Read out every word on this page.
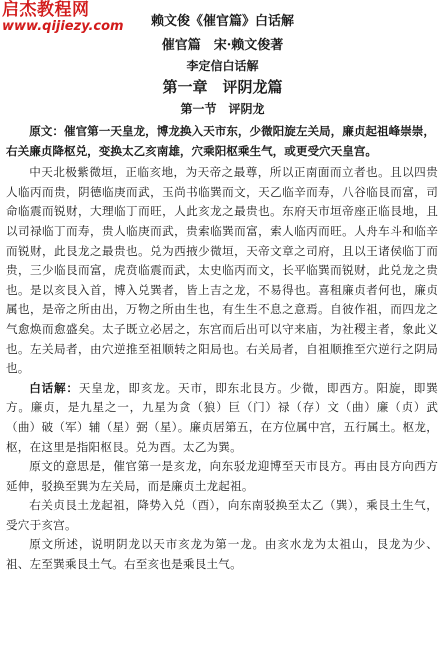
启杰教程网
www.qijiezy.com	赖文俊《催官篇》白话解
催官篇　宋·赖文俊著
李定信白话解
第一章　评阴龙篇
第一节　评阴龙

原文：催官第一天皇龙，博龙换入天市东，少微阳旋左关局，廉贞起祖峰崇崇，右关廉贞降枢兑，变换太乙亥南雄，穴乘阳枢乘生气，或更受穴天皇宫。

中天北极紫微垣，正临亥地，为天帝之最尊，所以正南面而立者也。且以四贵人临丙而贵，阴德临庚而武，玉尚书临巽而文，天乙临辛而寿，八谷临艮而富，司命临震而锐财，大理临丁而旺，人此亥龙之最贵也。东府天市垣帝座正临艮地，且以司禄临丁而寿，贵人临庚而武，贵索临巽而富，索人临丙而旺。人舟车斗和临辛而锐财，此艮龙之最贵也。兑为西掖少微垣，天帝文章之司府，且以王诸侯临丁而贵，三少临艮而富，虎贲临震而武，太史临丙而文，长平临巽而锐财，此兑龙之贵也。是以亥艮入首，博入兑巽者，皆上吉之龙，不易得也。喜租廉贞者何也，廉贞属也，是帝之所由出，万物之所由生也，有生生不息之意焉。自彼作祖，而四龙之气愈焕而愈盛矣。太子既立必居之，东宫而后出可以守来庙，为社稷主者，象此义也。左关局者，由穴逆推至祖顺转之阳局也。右关局者，自祖顺推至穴逆行之阴局也。

白话解：天皇龙，即亥龙。天市，即东北艮方。少微，即西方。阳旋，即巽方。廉贞，是九星之一，九星为贪（狼）巨（门）禄（存）文（曲）廉（贞）武（曲）破（军）辅（星）弼（星）。廉贞居第五，在方位属中宫，五行属土。枢龙，枢，在这里是指阳枢艮。兑为酉。太乙为巽。

原文的意思是，催官第一是亥龙，向东驳龙迎博至天市艮方。再由艮方向西方延伸，驳换至巽为左关局，而是廉贞土龙起祖。

右关贞艮土龙起祖，降势入兑（酉），向东南驳换至太乙（巽），乘艮土生气，受穴于亥宫。

原文所述，说明阴龙以天市亥龙为第一龙。由亥水龙为太祖山，艮龙为少、祖、左至巽乘艮土气。右至亥也是乘艮土气。
